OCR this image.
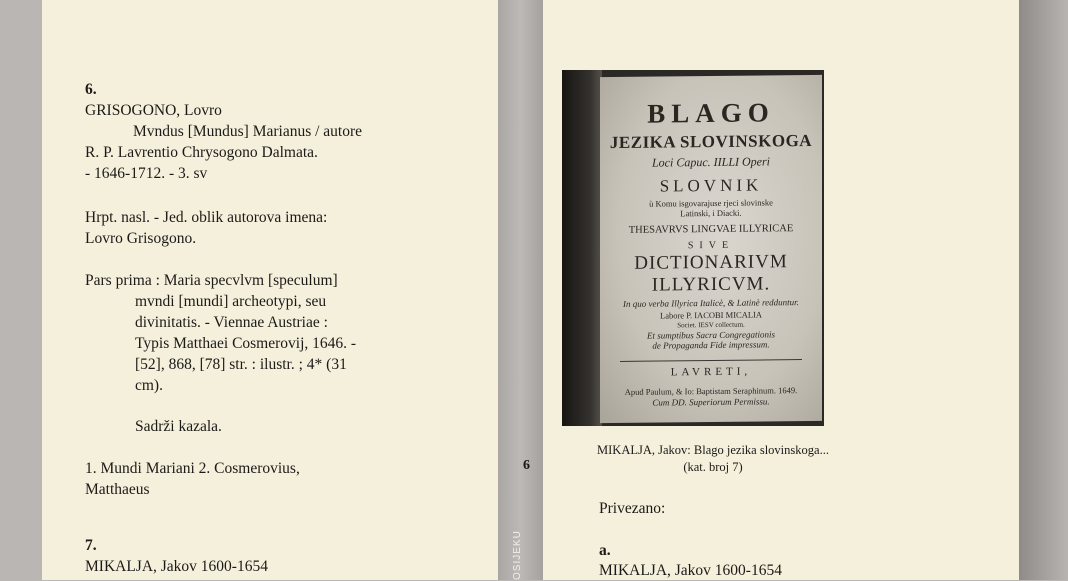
6.

GRISOGONO, Lovro

Mvndus [Mundus] Marianus / autore

R. P. Lavrentio Chrysogono Dalmata.

- 1646-1712. - 3. sv

Hrpt. nasl. - Jed. oblik autorova imena:

Lovro Grisogono.

Pars prima : Maria specvlvm [speculum]

mvndi [mundi] archeotypi, seu

divinitatis. - Viennae Austriae :

Typis Matthaei Cosmerovij, 1646. -

[52], 868, [78] str. : ilustr. ; 4* (31

cm).

Sadrži kazala.

1. Mundi Mariani 2. Cosmerovius,

Matthaeus

7.

MIKALJA, Jakov 1600-1654

6
OSIJEKU

BLAGO

JEZIKA SLOVINSKOGA

Loci Capuc. IILLI Operi

SLOVNIK

ù Komu isgovarajuse rjeci slovinske

Latinski, i Diacki.

THESAVRVS LINGVAE ILLYRICAE

SIVE

DICTIONARIVM

ILLYRICVM.

In quo verba Illyrica Italicè, & Latinè redduntur.

Labore P. IACOBI MICALIA

Societ. IESV collectum.

Et sumptibus Sacra Congregationis

de Propaganda Fide impressum.

LAVRETI,

Apud Paulum, & Io: Baptistam Seraphinum. 1649.

Cum DD. Superiorum Permissu.

MIKALJA, Jakov: Blago jezika slovinskoga...
(kat. broj 7)

Privezano:

a.

MIKALJA, Jakov 1600-1654
